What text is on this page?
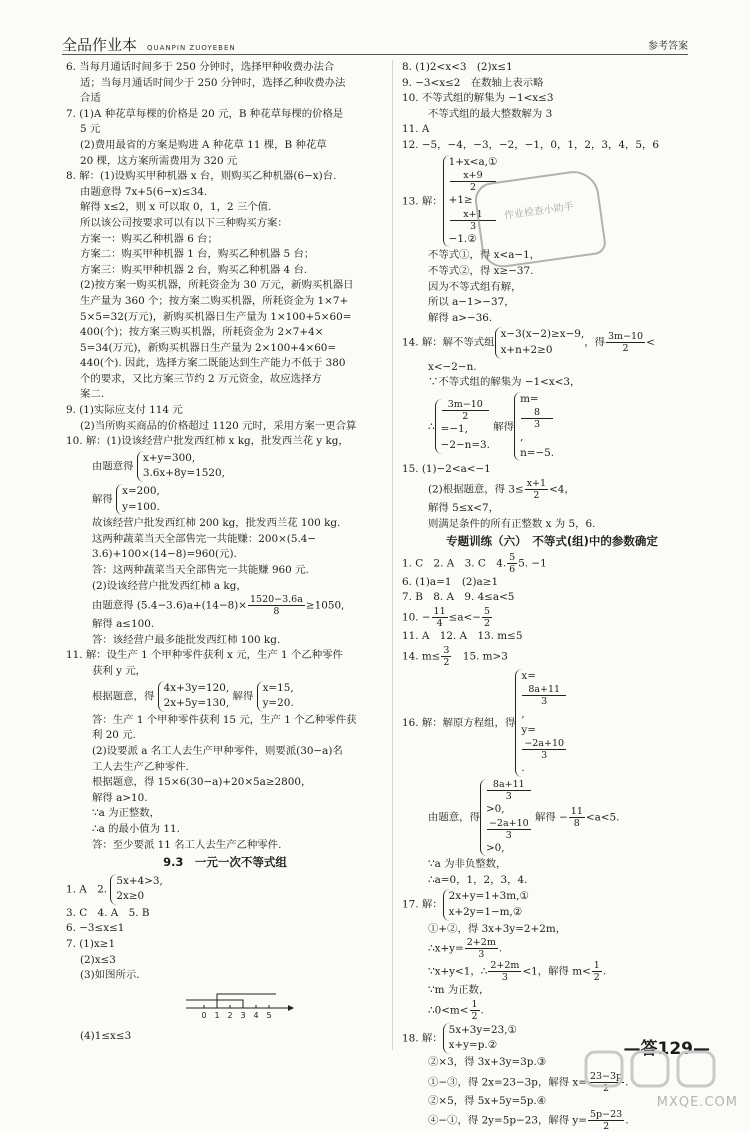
全品作业本 QUANPIN ZUOYEBEN	参考答案

6. 当每月通话时间多于 250 分钟时，选择甲种收费办法合

适；当每月通话时间少于 250 分钟时，选择乙种收费办法

合适

7. (1)A 种花草每棵的价格是 20 元，B 种花草每棵的价格是

5 元

(2)费用最省的方案是购进 A 种花草 11 棵，B 种花草

20 棵，这方案所需费用为 320 元

8. 解：(1)设购买甲种机器 x 台，则购买乙种机器(6−x)台.

由题意得 7x+5(6−x)≤34.

解得 x≤2，则 x 可以取 0，1，2 三个值.

所以该公司按要求可以有以下三种购买方案：

方案一：购买乙种机器 6 台；

方案二：购买甲种机器 1 台，购买乙种机器 5 台；

方案三：购买甲种机器 2 台，购买乙种机器 4 台.

(2)按方案一购买机器，所耗资金为 30 万元，新购买机器日

生产量为 360 个；按方案二购买机器，所耗资金为 1×7+

5×5=32(万元)，新购买机器日生产量为 1×100+5×60=

400(个)；按方案三购买机器，所耗资金为 2×7+4×

5=34(万元)，新购买机器日生产量为 2×100+4×60=

440(个). 因此，选择方案二既能达到生产能力不低于 380

个的要求，又比方案三节约 2 万元资金，故应选择方

案二.

9. (1)实际应支付 114 元

(2)当所购买商品的价格超过 1120 元时，采用方案一更合算

10. 解：(1)设该经营户批发西红柿 x kg，批发西兰花 y kg，

由题意得
x+y=300,
3.6x+8y=1520,

解得
x=200,
y=100.

故该经营户批发西红柿 200 kg，批发西兰花 100 kg.

这两种蔬菜当天全部售完一共能赚：200×(5.4−

3.6)+100×(14−8)=960(元).

答：这两种蔬菜当天全部售完一共能赚 960 元.

(2)设该经营户批发西红柿 a kg，

由题意得 $(5.4-3.6)a+(14-8)\times \frac{1520-3.6a}{8} \ge 1050$,

解得 a≤100.

答：该经营户最多能批发西红柿 100 kg.

11. 解：设生产 1 个甲种零件获利 x 元，生产 1 个乙种零件

获利 y 元，

根据题意，得
4x+3y=120,
2x+5y=130,
解得
x=15,
y=20.

答：生产 1 个甲种零件获利 15 元，生产 1 个乙种零件获

利 20 元.

(2)设要派 a 名工人去生产甲种零件，则要派(30−a)名

工人去生产乙种零件.

根据题意，得 15×6(30−a)+20×5a≥2800，

解得 a>10.

∵a 为正整数，

∴a 的最小值为 11.

答：至少要派 11 名工人去生产乙种零件.

9.3　一元一次不等式组

1. A　2.
5x+4>3,
2x≥0

3. C　4. A　5. B

6. −3≤x≤1

7. (1)x≥1

(2)x≤3

(3)如图所示.

0 1 2 3 4 5

(4)1≤x≤3

8. (1)2<x<3　(2)x≤1

9. −3<x≤2　在数轴上表示略

10. 不等式组的解集为 −1<x≤3

不等式组的最大整数解为 3

11. A

12. −5，−4，−3，−2，−1，0，1，2，3，4，5，6

13. 解：
1+x<a,①
x+9
2
+1≥
x+1
3
−1.②

不等式①，得 x<a−1，

不等式②，得 x≥−37.

因为不等式组有解，

所以 a−1>−37，

解得 a>−36.

14. 解：解不等式组
x−3(x−2)≥x−9,
x+n+2≥0
，得 $\frac{3m-10}{2}$ <

x<−2−n.

∵不等式组的解集为 −1<x<3，

∴
3m−10
2
=−1,
−2−n=3.
解得
m=
8
3
,
n=−5.

15. (1)−2<a<−1

(2)根据题意，得 $3\le \frac{x+1}{2} <4$，

解得 5≤x<7，

则满足条件的所有正整数 x 为 5，6.

专题训练（六）　不等式(组)中的参数确定

1. C　2. A　3. C　4. $\frac{5}{6} 5$. −1

6. (1)a=1　(2)a≥1

7. B　8. A　9. 4≤a<5

10. − $\frac{11}{4} \le a<- \frac{5}{2}$

11. A　12. A　13. m≤5

14. $m\le \frac{3}{2}$
　 15. m>3

16. 解：解原方程组，得
x=
8a+11
3
,
y=
−2a+10
3
.

由题意，得
8a+11
3
>0,
−2a+10
3
>0,
解得 − $\frac{11}{8} <a<5$.

∵a 为非负整数，

∴a=0，1，2，3，4.

17. 解：
2x+y=1+3m,①
x+2y=1−m,②

①+②，得 3x+3y=2+2m，

∴x+y= $\frac{2+2m}{3}$ .

∵x+y<1，∴ $\frac{2+2m}{3} <1$，解得 $m< \frac{1}{2}$ .

∵m 为正数，

∴0<m< $\frac{1}{2}$ .

18. 解：
5x+3y=23,①
x+y=p.②

②×3，得 3x+3y=3p.③

①−③，得 2x=23−3p，解得 $x= \frac{23-3p}{2}$ .

②×5，得 5x+5y=5p.④

④−①，得 2y=5p−23，解得 $y= \frac{5p-23}{2}$ .

作业检查小助手
—答129—
MXQE.COM
